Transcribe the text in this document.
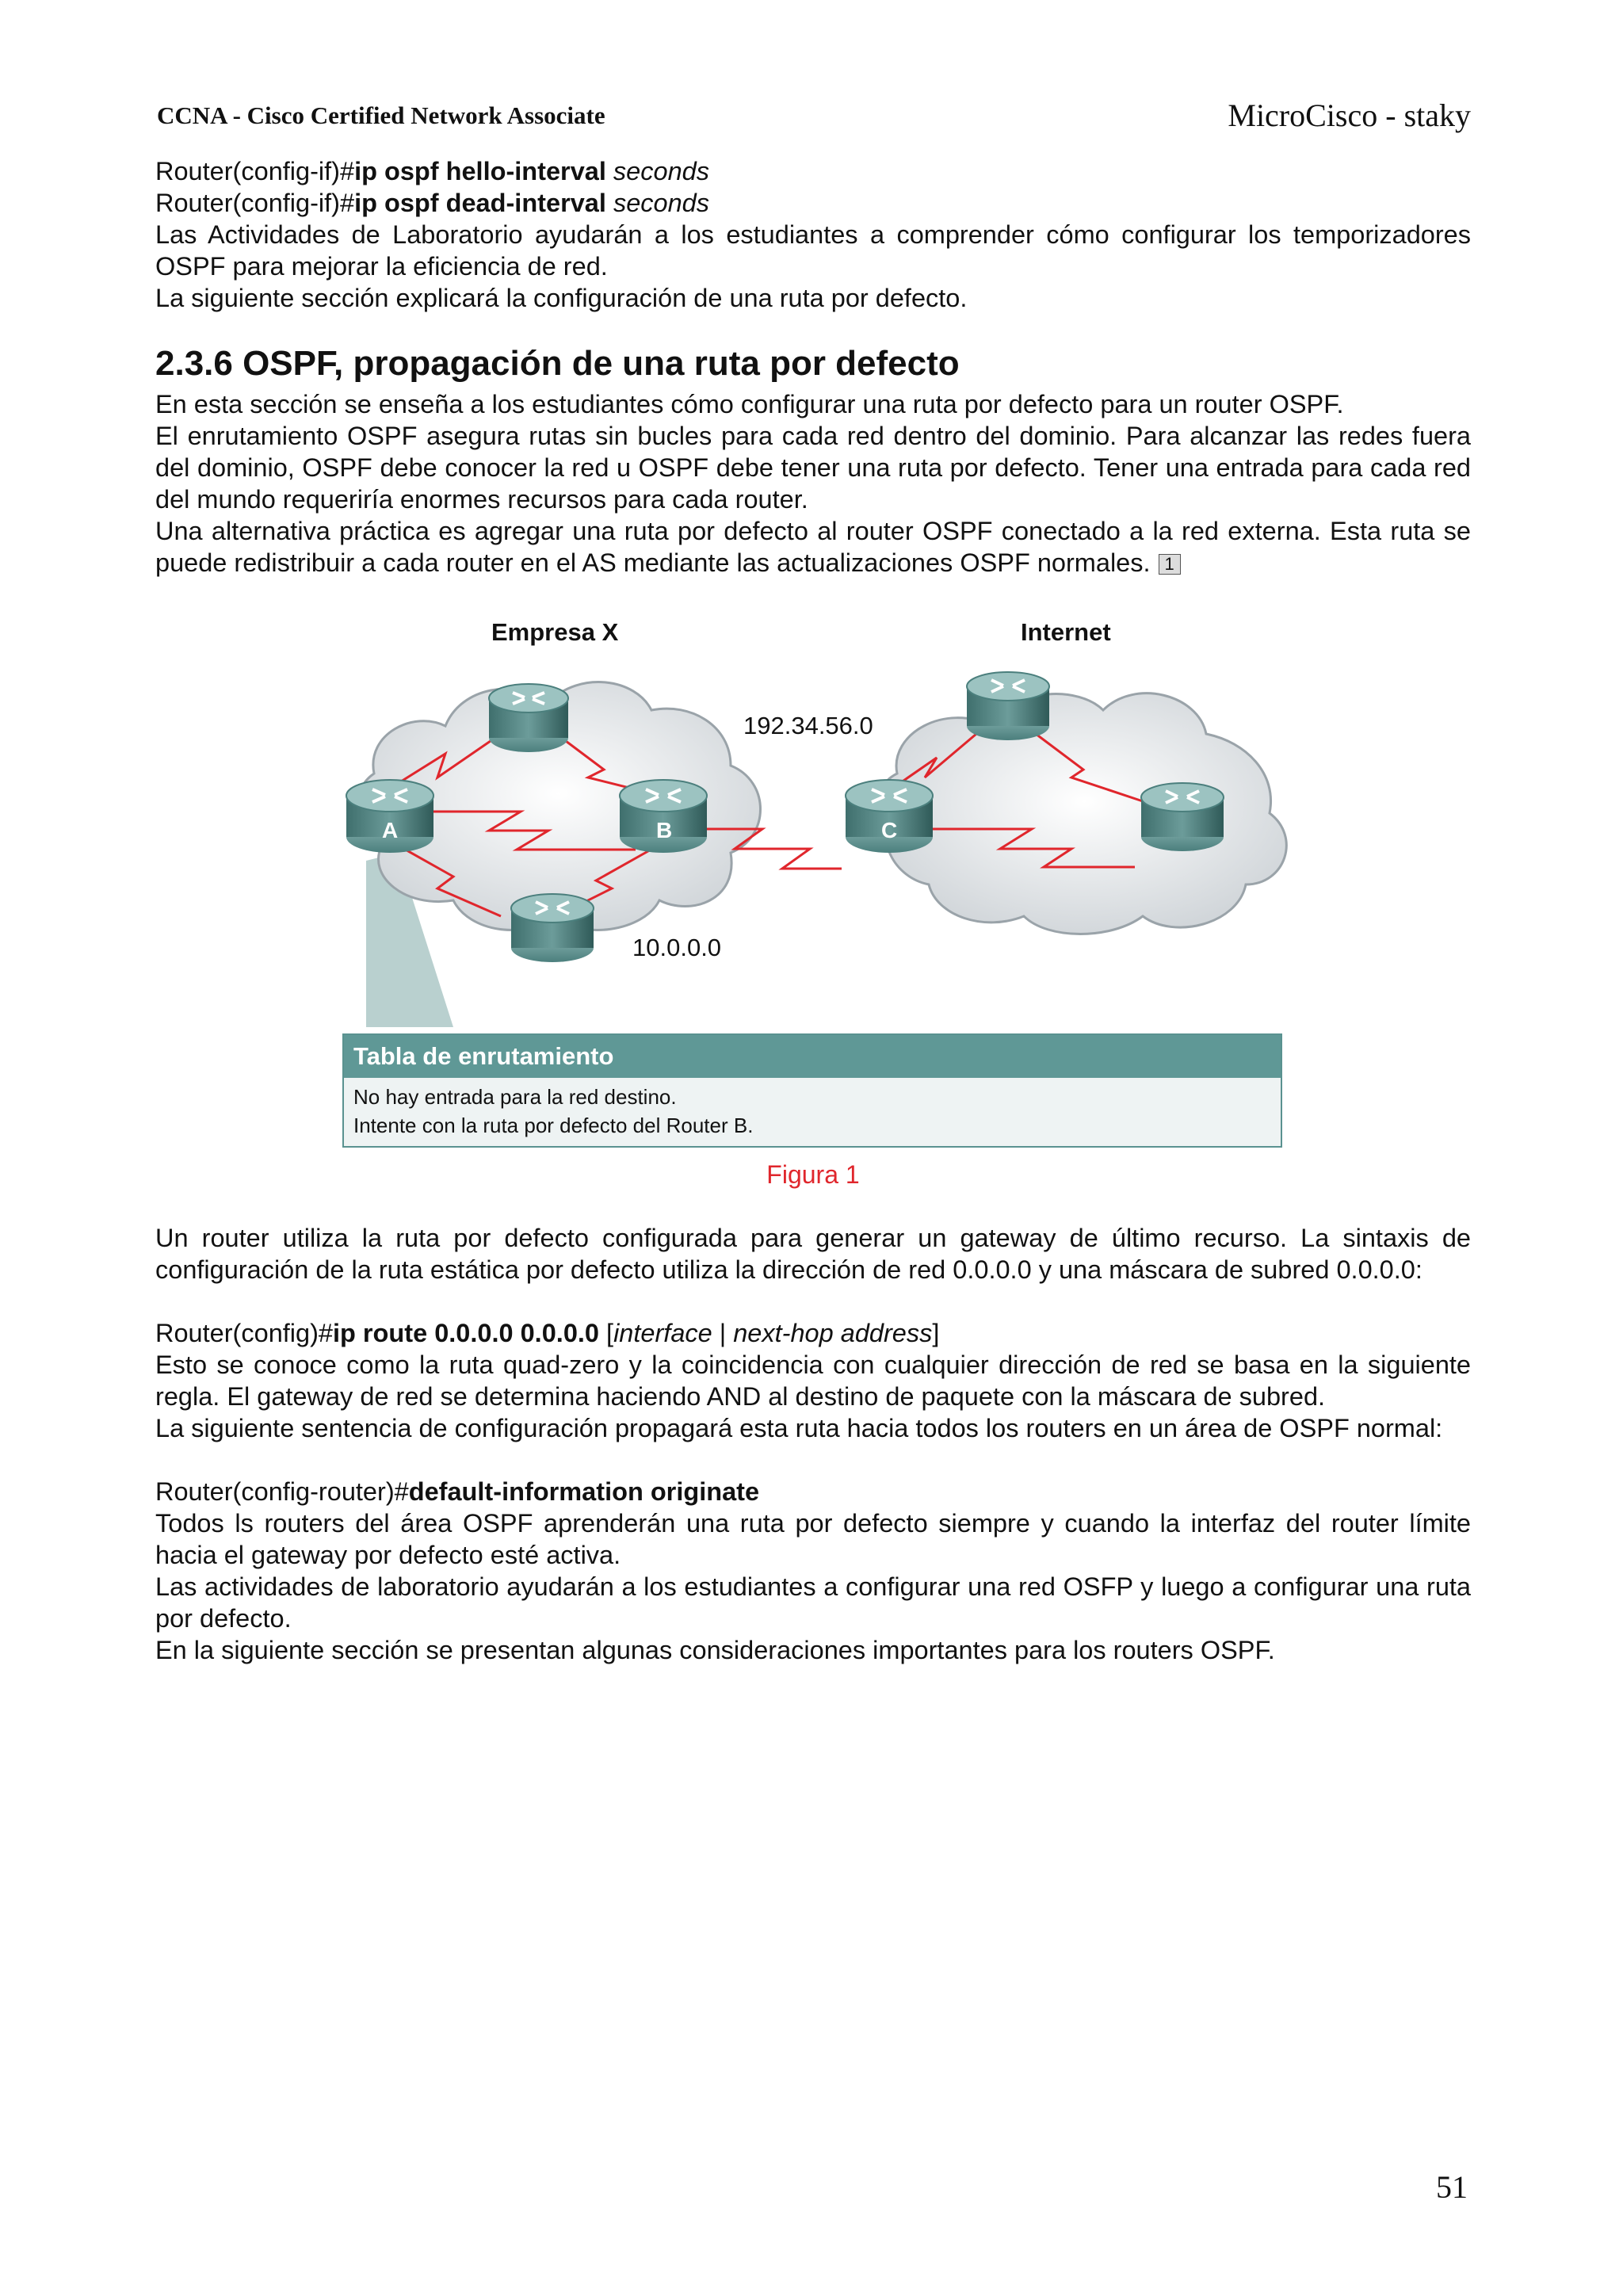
CCNA - Cisco Certified Network Associate	MicroCisco - staky
Router(config-if)#ip ospf hello-interval seconds
Router(config-if)#ip ospf dead-interval seconds

Las Actividades de Laboratorio ayudarán a los estudiantes a comprender cómo configurar los temporizadores OSPF para mejorar la eficiencia de red.

La siguiente sección explicará la configuración de una ruta por defecto.

2.3.6 OSPF, propagación de una ruta por defecto

En esta sección se enseña a los estudiantes cómo configurar una ruta por defecto para un router OSPF.

El enrutamiento OSPF asegura rutas sin bucles para cada red dentro del dominio. Para alcanzar las redes fuera del dominio, OSPF debe conocer la red u OSPF debe tener una ruta por defecto. Tener una entrada para cada red del mundo requeriría enormes recursos para cada router.

Una alternativa práctica es agregar una ruta por defecto al router OSPF conectado a la red externa. Esta ruta se puede redistribuir a cada router en el AS mediante las actualizaciones OSPF normales. 1

Empresa X	Internet
192.34.56.0
10.0.0.0
A	B	C
Tabla de enrutamiento
No hay entrada para la red destino.
Intente con la ruta por defecto del Router B.
Figura 1

Un router utiliza la ruta por defecto configurada para generar un gateway de último recurso. La sintaxis de configuración de la ruta estática por defecto utiliza la dirección de red 0.0.0.0 y una máscara de subred 0.0.0.0:

Router(config)#ip route 0.0.0.0 0.0.0.0 [interface | next-hop address]

Esto se conoce como la ruta quad-zero y la coincidencia con cualquier dirección de red se basa en la siguiente regla. El gateway de red se determina haciendo AND al destino de paquete con la máscara de subred.

La siguiente sentencia de configuración propagará esta ruta hacia todos los routers en un área de OSPF normal:

Router(config-router)#default-information originate

Todos ls routers del área OSPF aprenderán una ruta por defecto siempre y cuando la interfaz del router límite hacia el gateway por defecto esté activa.

Las actividades de laboratorio ayudarán a los estudiantes a configurar una red OSFP y luego a configurar una ruta por defecto.

En la siguiente sección se presentan algunas consideraciones importantes para los routers OSPF.

51
